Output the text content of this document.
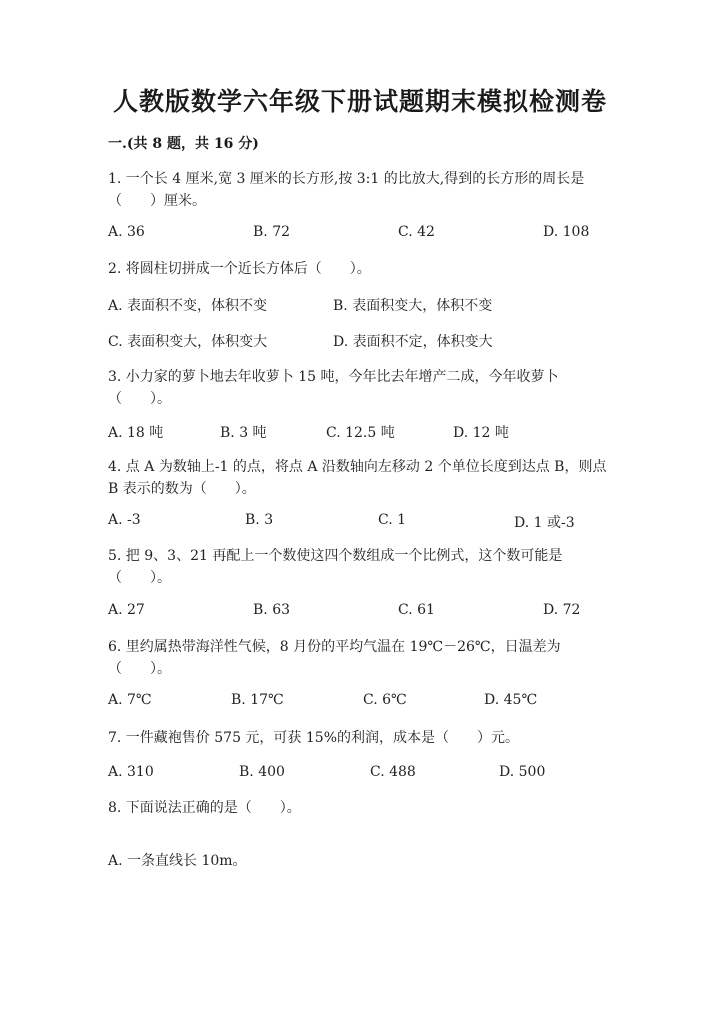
人教版数学六年级下册试题期末模拟检测卷
一.(共 8 题，共 16 分)
1. 一个长 4 厘米,宽 3 厘米的长方形,按 3:1 的比放大,得到的长方形的周长是
（　　）厘米。
A. 36	B. 72	C. 42	D. 108
2. 将圆柱切拼成一个近长方体后（　　）。
A. 表面积不变，体积不变	B. 表面积变大，体积不变
C. 表面积变大，体积变大	D. 表面积不定，体积变大
3. 小力家的萝卜地去年收萝卜 15 吨，今年比去年增产二成，今年收萝卜
（　　）。
A. 18 吨	B. 3 吨	C. 12.5 吨	D. 12 吨
4. 点 A 为数轴上-1 的点，将点 A 沿数轴向左移动 2 个单位长度到达点 B，则点
B 表示的数为（　　）。
A. -3	B. 3	C. 1	D. 1 或-3
5. 把 9、3、21 再配上一个数使这四个数组成一个比例式，这个数可能是
（　　）。
A. 27	B. 63	C. 61	D. 72
6. 里约属热带海洋性气候，8 月份的平均气温在 19℃－26℃，日温差为
（　　）。
A. 7℃	B. 17℃	C. 6℃	D. 45℃
7. 一件藏袍售价 575 元，可获 15%的利润，成本是（　　）元。
A. 310	B. 400	C. 488	D. 500
8. 下面说法正确的是（　　）。
A. 一条直线长 10m。
